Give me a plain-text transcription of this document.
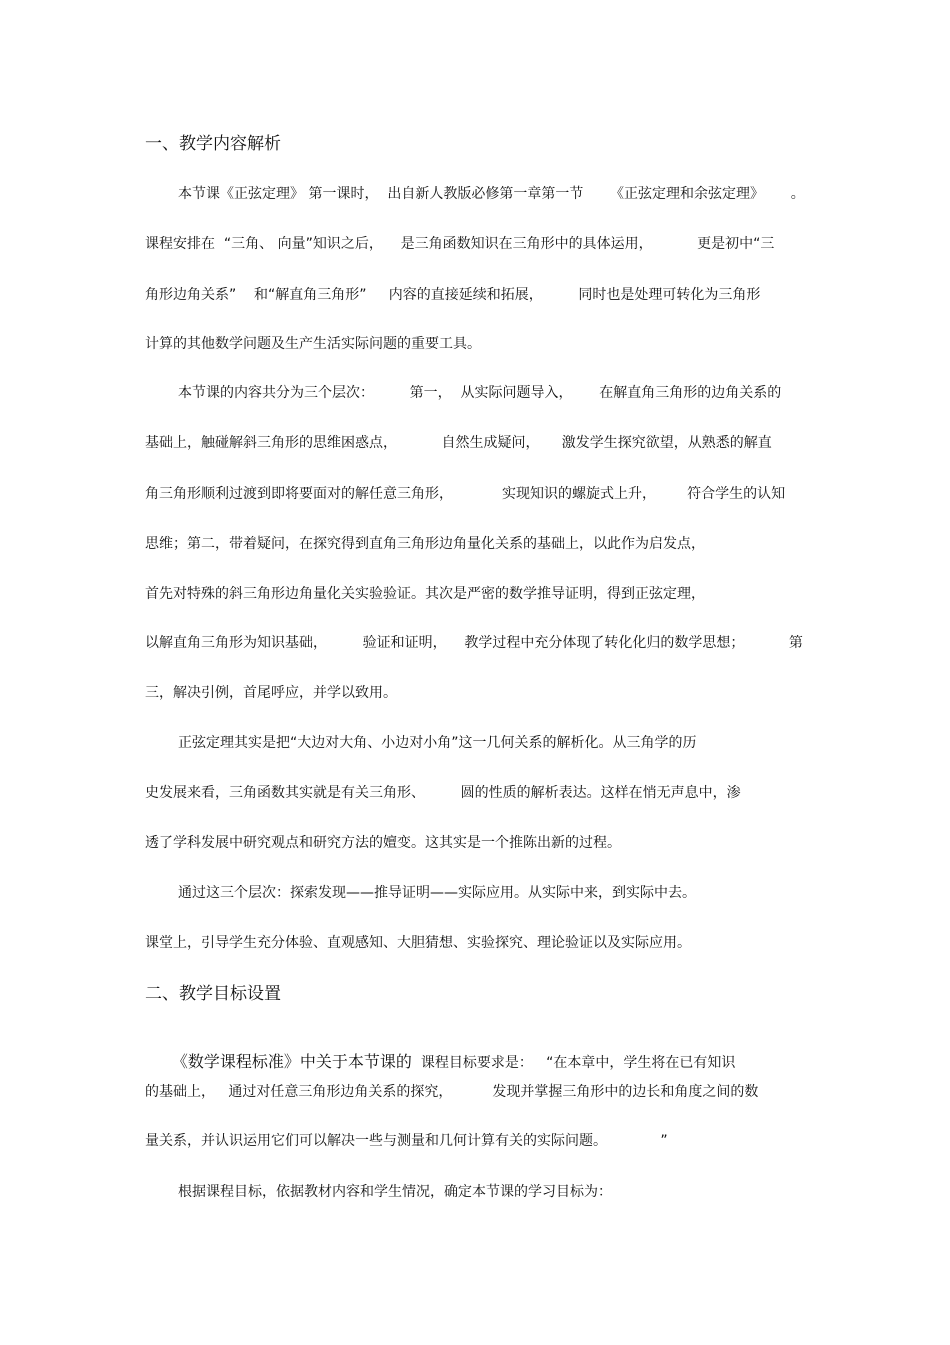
一、教学内容解析
本节课《正弦定理》 第一课时，  出自新人教版必修第一章第一节      《正弦定理和余弦定理》      。
课程安排在  “三角、 向量”知识之后，    是三角函数知识在三角形中的具体运用，          更是初中“三
角形边角关系”    和“解直角三角形”     内容的直接延续和拓展，        同时也是处理可转化为三角形
计算的其他数学问题及生产生活实际问题的重要工具。
本节课的内容共分为三个层次：        第一，  从实际问题导入，      在解直角三角形的边角关系的
基础上，触碰解斜三角形的思维困惑点，          自然生成疑问，     激发学生探究欲望，从熟悉的解直
角三角形顺利过渡到即将要面对的解任意三角形，           实现知识的螺旋式上升，       符合学生的认知
思维；第二，带着疑问，在探究得到直角三角形边角量化关系的基础上，以此作为启发点，
首先对特殊的斜三角形边角量化关实验验证。其次是严密的数学推导证明，得到正弦定理，
以解直角三角形为知识基础，        验证和证明，    教学过程中充分体现了转化化归的数学思想；          第
三，解决引例，首尾呼应，并学以致用。
正弦定理其实是把“大边对大角、小边对小角”这一几何关系的解析化。从三角学的历
史发展来看，三角函数其实就是有关三角形、        圆的性质的解析表达。这样在悄无声息中，渗
透了学科发展中研究观点和研究方法的嬗变。这其实是一个推陈出新的过程。
通过这三个层次：探索发现——推导证明——实际应用。从实际中来，到实际中去。
课堂上，引导学生充分体验、直观感知、大胆猜想、实验探究、理论验证以及实际应用。
二、教学目标设置

《数学课程标准》中关于本节课的  课程目标要求是：   “在本章中，学生将在已有知识

的基础上，   通过对任意三角形边角关系的探究，         发现并掌握三角形中的边长和角度之间的数
量关系，并认识运用它们可以解决一些与测量和几何计算有关的实际问题。            ”
根据课程目标，依据教材内容和学生情况，确定本节课的学习目标为：
